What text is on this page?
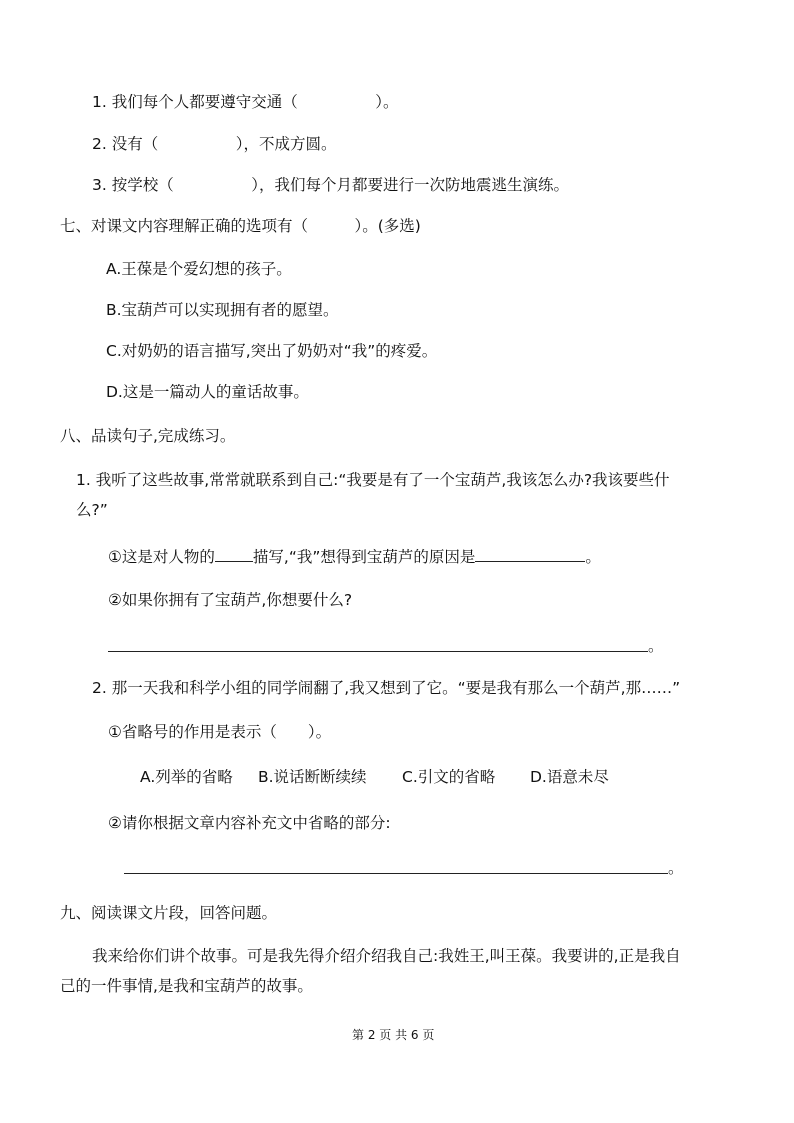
1. 我们每个人都要遵守交通（　　　　　）。
2. 没有（　　　　　），不成方圆。
3. 按学校（　　　　　），我们每个月都要进行一次防地震逃生演练。
七、对课文内容理解正确的选项有（　　　）。(多选)
A.王葆是个爱幻想的孩子。
B.宝葫芦可以实现拥有者的愿望。
C.对奶奶的语言描写,突出了奶奶对“我”的疼爱。
D.这是一篇动人的童话故事。
八、品读句子,完成练习。
1. 我听了这些故事,常常就联系到自己:“我要是有了一个宝葫芦,我该怎么办?我该要些什
么?”
①这是对人物的 描写,“我”想得到宝葫芦的原因是	。
②如果你拥有了宝葫芦,你想要什么?
。
2. 那一天我和科学小组的同学闹翻了,我又想到了它。“要是我有那么一个葫芦,那……”
①省略号的作用是表示（　　）。
A.列举的省略 B.说话断断续续 C.引文的省略 D.语意未尽
②请你根据文章内容补充文中省略的部分:
。
九、阅读课文片段，回答问题。
我来给你们讲个故事。可是我先得介绍介绍我自己:我姓王,叫王葆。我要讲的,正是我自
己的一件事情,是我和宝葫芦的故事。
第 2 页 共 6 页
